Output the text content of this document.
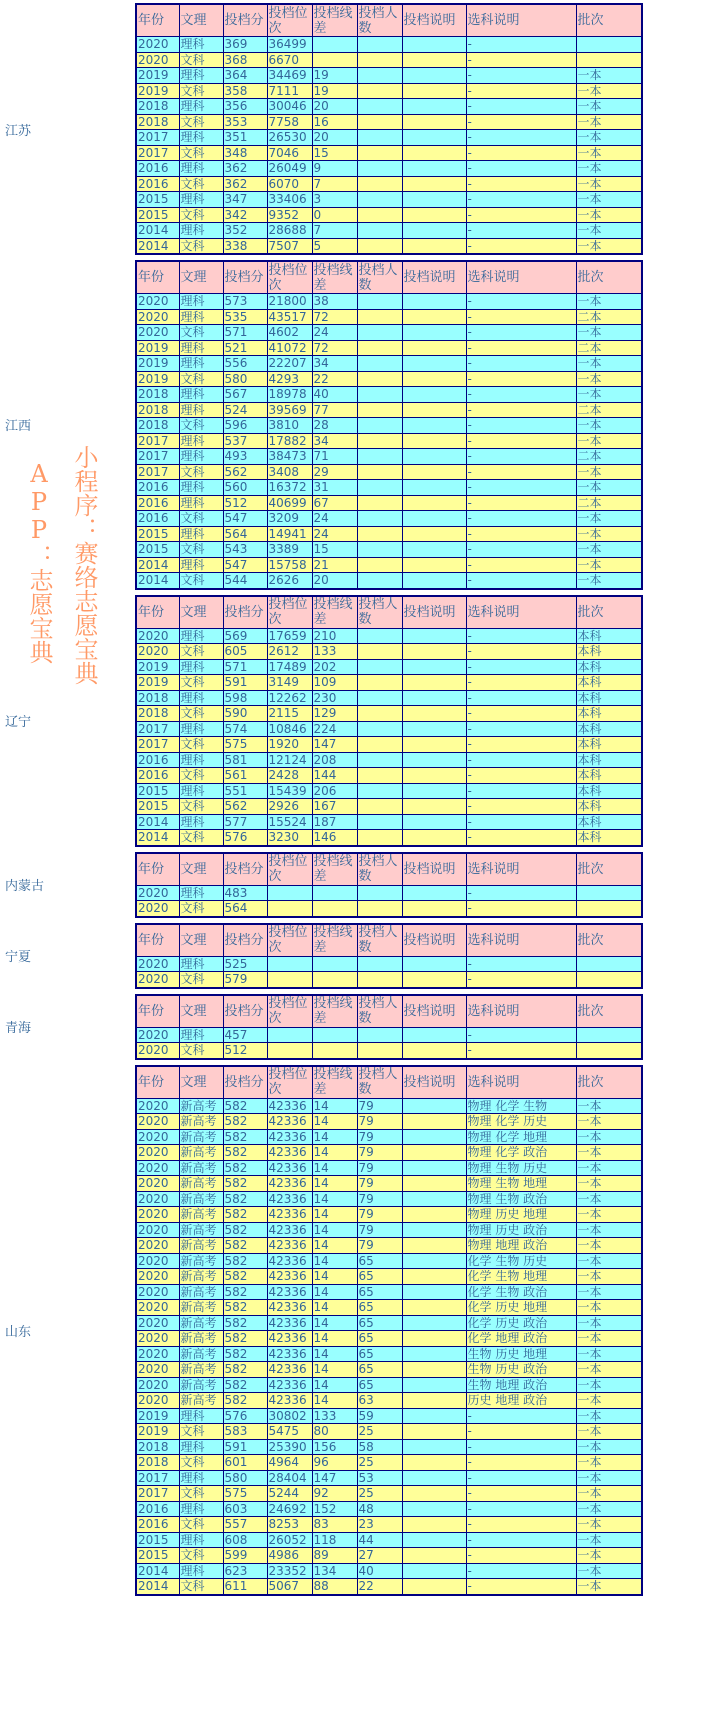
江苏
年份	文理	投档分	投档位次	投档线差	投档人数	投档说明	选科说明	批次
2020	理科	369	36499				-	
2020	文科	368	6670				-	
2019	理科	364	34469	19			-	一本
2019	文科	358	7111	19			-	一本
2018	理科	356	30046	20			-	一本
2018	文科	353	7758	16			-	一本
2017	理科	351	26530	20			-	一本
2017	文科	348	7046	15			-	一本
2016	理科	362	26049	9			-	一本
2016	文科	362	6070	7			-	一本
2015	理科	347	33406	3			-	一本
2015	文科	342	9352	0			-	一本
2014	理科	352	28688	7			-	一本
2014	文科	338	7507	5			-	一本
江西
年份	文理	投档分	投档位次	投档线差	投档人数	投档说明	选科说明	批次
2020	理科	573	21800	38			-	一本
2020	理科	535	43517	72			-	二本
2020	文科	571	4602	24			-	一本
2019	理科	521	41072	72			-	二本
2019	理科	556	22207	34			-	一本
2019	文科	580	4293	22			-	一本
2018	理科	567	18978	40			-	一本
2018	理科	524	39569	77			-	二本
2018	文科	596	3810	28			-	一本
2017	理科	537	17882	34			-	一本
2017	理科	493	38473	71			-	二本
2017	文科	562	3408	29			-	一本
2016	理科	560	16372	31			-	一本
2016	理科	512	40699	67			-	二本
2016	文科	547	3209	24			-	一本
2015	理科	564	14941	24			-	一本
2015	文科	543	3389	15			-	一本
2014	理科	547	15758	21			-	一本
2014	文科	544	2626	20			-	一本
辽宁
年份	文理	投档分	投档位次	投档线差	投档人数	投档说明	选科说明	批次
2020	理科	569	17659	210			-	本科
2020	文科	605	2612	133			-	本科
2019	理科	571	17489	202			-	本科
2019	文科	591	3149	109			-	本科
2018	理科	598	12262	230			-	本科
2018	文科	590	2115	129			-	本科
2017	理科	574	10846	224			-	本科
2017	文科	575	1920	147			-	本科
2016	理科	581	12124	208			-	本科
2016	文科	561	2428	144			-	本科
2015	理科	551	15439	206			-	本科
2015	文科	562	2926	167			-	本科
2014	理科	577	15524	187			-	本科
2014	文科	576	3230	146			-	本科
内蒙古
年份	文理	投档分	投档位次	投档线差	投档人数	投档说明	选科说明	批次
2020	理科	483					-	
2020	文科	564					-	
宁夏
年份	文理	投档分	投档位次	投档线差	投档人数	投档说明	选科说明	批次
2020	理科	525					-	
2020	文科	579					-	
青海
年份	文理	投档分	投档位次	投档线差	投档人数	投档说明	选科说明	批次
2020	理科	457					-	
2020	文科	512					-	
山东
年份	文理	投档分	投档位次	投档线差	投档人数	投档说明	选科说明	批次
2020	新高考	582	42336	14	79		物理 化学 生物	一本
2020	新高考	582	42336	14	79		物理 化学 历史	一本
2020	新高考	582	42336	14	79		物理 化学 地理	一本
2020	新高考	582	42336	14	79		物理 化学 政治	一本
2020	新高考	582	42336	14	79		物理 生物 历史	一本
2020	新高考	582	42336	14	79		物理 生物 地理	一本
2020	新高考	582	42336	14	79		物理 生物 政治	一本
2020	新高考	582	42336	14	79		物理 历史 地理	一本
2020	新高考	582	42336	14	79		物理 历史 政治	一本
2020	新高考	582	42336	14	79		物理 地理 政治	一本
2020	新高考	582	42336	14	65		化学 生物 历史	一本
2020	新高考	582	42336	14	65		化学 生物 地理	一本
2020	新高考	582	42336	14	65		化学 生物 政治	一本
2020	新高考	582	42336	14	65		化学 历史 地理	一本
2020	新高考	582	42336	14	65		化学 历史 政治	一本
2020	新高考	582	42336	14	65		化学 地理 政治	一本
2020	新高考	582	42336	14	65		生物 历史 地理	一本
2020	新高考	582	42336	14	65		生物 历史 政治	一本
2020	新高考	582	42336	14	65		生物 地理 政治	一本
2020	新高考	582	42336	14	63		历史 地理 政治	一本
2019	理科	576	30802	133	59		-	一本
2019	文科	583	5475	80	25		-	一本
2018	理科	591	25390	156	58		-	一本
2018	文科	601	4964	96	25		-	一本
2017	理科	580	28404	147	53		-	一本
2017	文科	575	5244	92	25		-	一本
2016	理科	603	24692	152	48		-	一本
2016	文科	557	8253	83	23		-	一本
2015	理科	608	26052	118	44		-	一本
2015	文科	599	4986	89	27		-	一本
2014	理科	623	23352	134	40		-	一本
2014	文科	611	5067	88	22		-	一本
小程序：赛络志愿宝典
APP：志愿宝典
